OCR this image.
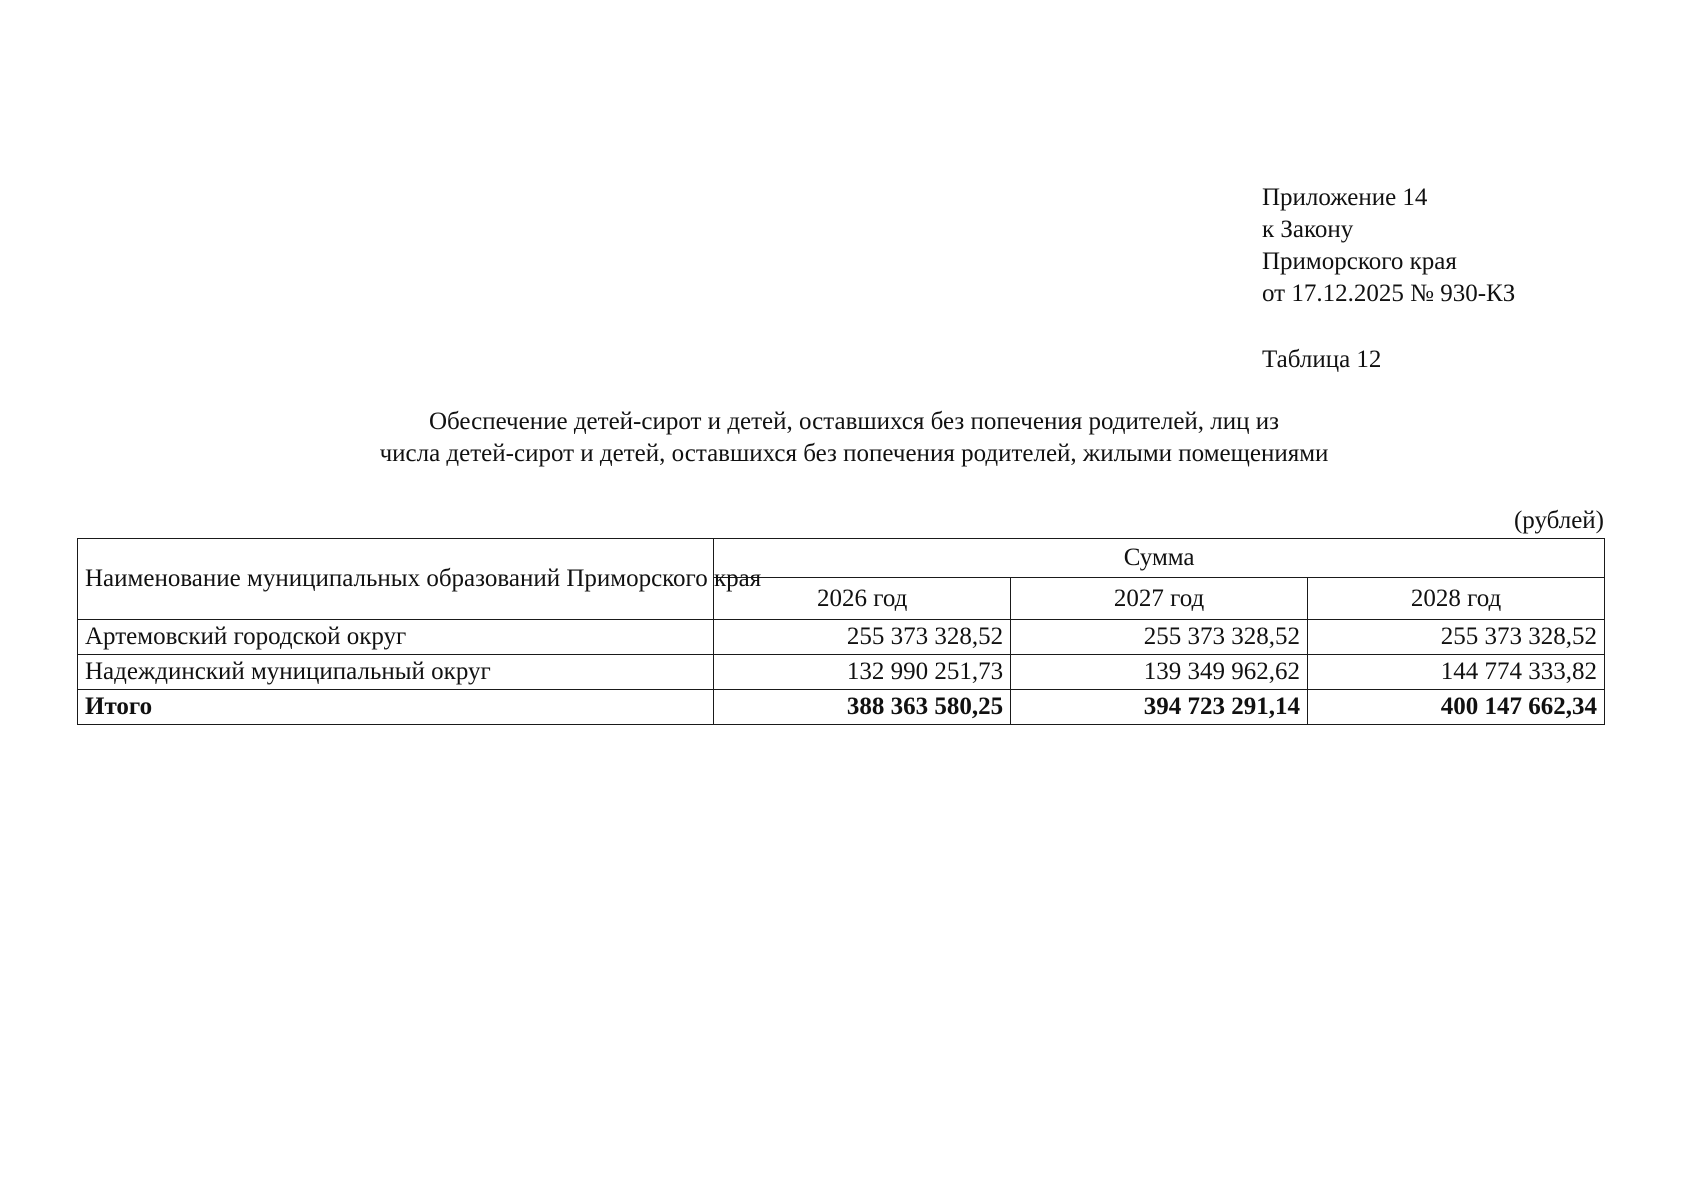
Приложение 14
к Закону
Приморского края
от 17.12.2025 № 930-КЗ
Таблица 12
Обеспечение детей-сирот и детей, оставшихся без попечения родителей, лиц из
числа детей-сирот и детей, оставшихся без попечения родителей, жилыми помещениями
(рублей)
Наименование муниципальных образований Приморского края	Сумма		
	2026 год	2027 год	2028 год
Артемовский городской округ	255 373 328,52	255 373 328,52	255 373 328,52
Надеждинский муниципальный округ	132 990 251,73	139 349 962,62	144 774 333,82
Итого	388 363 580,25	394 723 291,14	400 147 662,34
